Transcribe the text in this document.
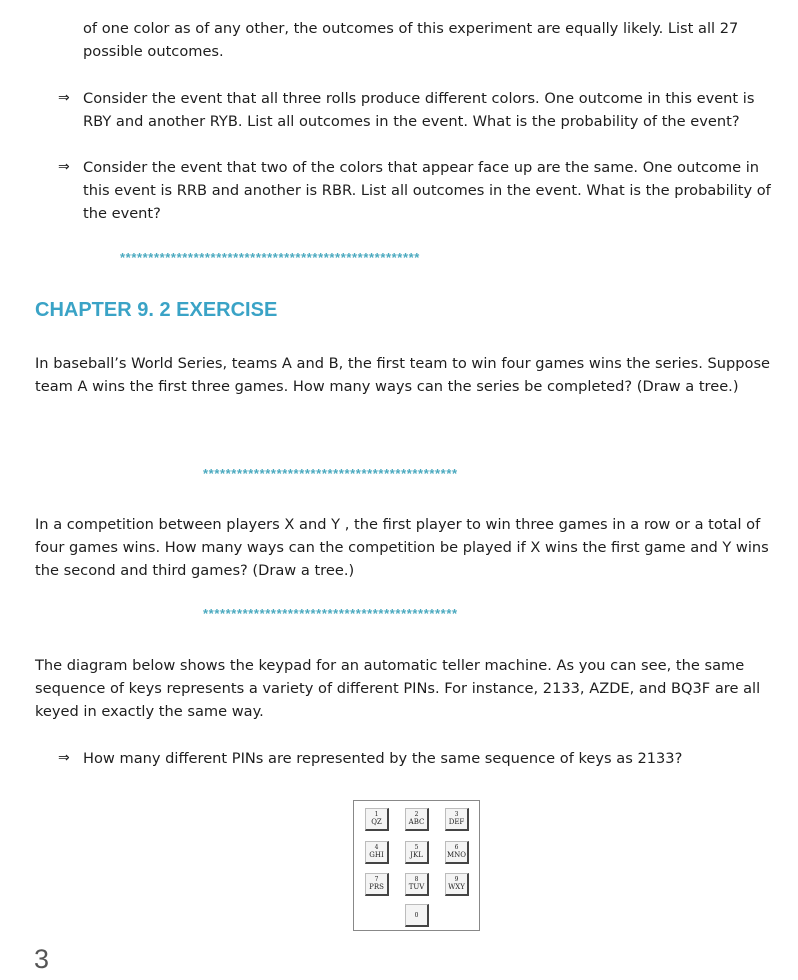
of one color as of any other, the outcomes of this experiment are equally likely. List all 27
possible outcomes.
⇒ Consider the event that all three rolls produce different colors. One outcome in this event is
RBY and another RYB. List all outcomes in the event. What is the probability of the event?
⇒ Consider the event that two of the colors that appear face up are the same. One outcome in
this event is RRB and another is RBR. List all outcomes in the event. What is the probability of
the event?
*****************************************************
CHAPTER 9. 2 EXERCISE
In baseball’s World Series, teams A and B, the first team to win four games wins the series. Suppose
team A wins the first three games. How many ways can the series be completed? (Draw a tree.)
*********************************************
In a competition between players X and Y , the first player to win three games in a row or a total of
four games wins. How many ways can the competition be played if X wins the first game and Y wins
the second and third games? (Draw a tree.)
*********************************************
The diagram below shows the keypad for an automatic teller machine. As you can see, the same
sequence of keys represents a variety of different PINs. For instance, 2133, AZDE, and BQ3F are all
keyed in exactly the same way.
⇒ How many different PINs are represented by the same sequence of keys as 2133?
1
QZ
2
ABC
3
DEF
4
GHI
5
JKL
6
MNO
7
PRS
8
TUV
9
WXY
0
3
